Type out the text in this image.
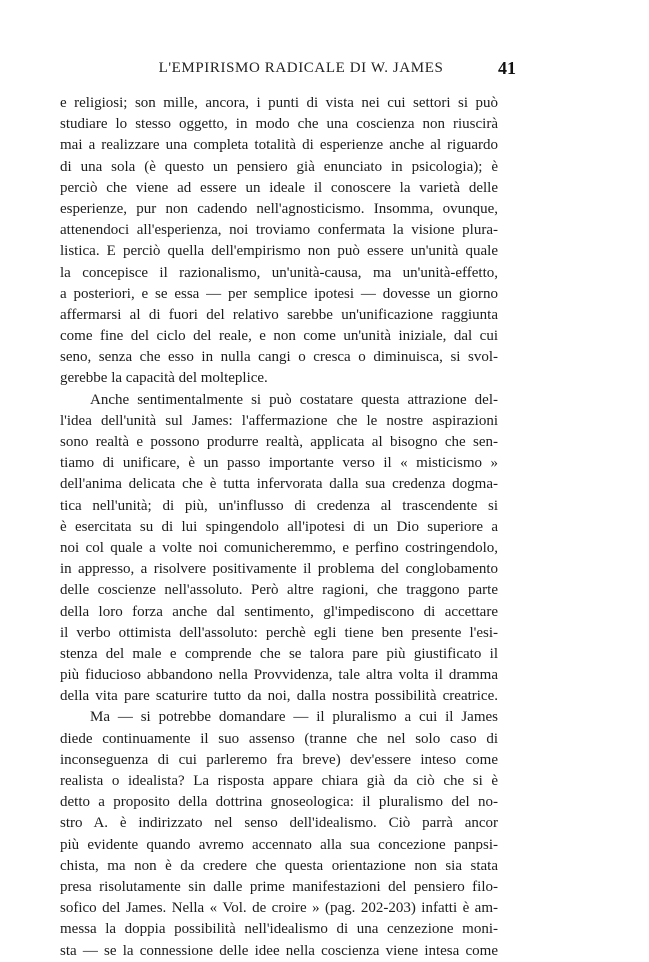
L'EMPIRISMO RADICALE DI W. JAMES	41
e religiosi; son mille, ancora, i punti di vista nei cui settori si può
studiare lo stesso oggetto, in modo che una coscienza non riuscirà
mai a realizzare una completa totalità di esperienze anche al riguardo
di una sola (è questo un pensiero già enunciato in psicologia); è
perciò che viene ad essere un ideale il conoscere la varietà delle
esperienze, pur non cadendo nell'agnosticismo. Insomma, ovunque,
attenendoci all'esperienza, noi troviamo confermata la visione plura-
listica. E perciò quella dell'empirismo non può essere un'unità quale
la concepisce il razionalismo, un'unità-causa, ma un'unità-effetto,
a posteriori, e se essa — per semplice ipotesi — dovesse un giorno
affermarsi al di fuori del relativo sarebbe un'unificazione raggiunta
come fine del ciclo del reale, e non come un'unità iniziale, dal cui
seno, senza che esso in nulla cangi o cresca o diminuisca, si svol-
gerebbe la capacità del molteplice.
Anche sentimentalmente si può costatare questa attrazione del-
l'idea dell'unità sul James: l'affermazione che le nostre aspirazioni
sono realtà e possono produrre realtà, applicata al bisogno che sen-
tiamo di unificare, è un passo importante verso il « misticismo »
dell'anima delicata che è tutta infervorata dalla sua credenza dogma-
tica nell'unità; di più, un'influsso di credenza al trascendente si
è esercitata su di lui spingendolo all'ipotesi di un Dio superiore a
noi col quale a volte noi comunicheremmo, e perfino costringendolo,
in appresso, a risolvere positivamente il problema del conglobamento
delle coscienze nell'assoluto. Però altre ragioni, che traggono parte
della loro forza anche dal sentimento, gl'impediscono di accettare
il verbo ottimista dell'assoluto: perchè egli tiene ben presente l'esi-
stenza del male e comprende che se talora pare più giustificato il
più fiducioso abbandono nella Provvidenza, tale altra volta il dramma
della vita pare scaturire tutto da noi, dalla nostra possibilità creatrice.
Ma — si potrebbe domandare — il pluralismo a cui il James
diede continuamente il suo assenso (tranne che nel solo caso di
inconseguenza di cui parleremo fra breve) dev'essere inteso come
realista o idealista? La risposta appare chiara già da ciò che si è
detto a proposito della dottrina gnoseologica: il pluralismo del no-
stro A. è indirizzato nel senso dell'idealismo. Ciò parrà ancor
più evidente quando avremo accennato alla sua concezione panpsi-
chista, ma non è da credere che questa orientazione non sia stata
presa risolutamente sin dalle prime manifestazioni del pensiero filo-
sofico del James. Nella « Vol. de croire » (pag. 202-203) infatti è am-
messa la doppia possibilità nell'idealismo di una cenzezione moni-
sta — se la connessione delle idee nella coscienza viene intesa come
